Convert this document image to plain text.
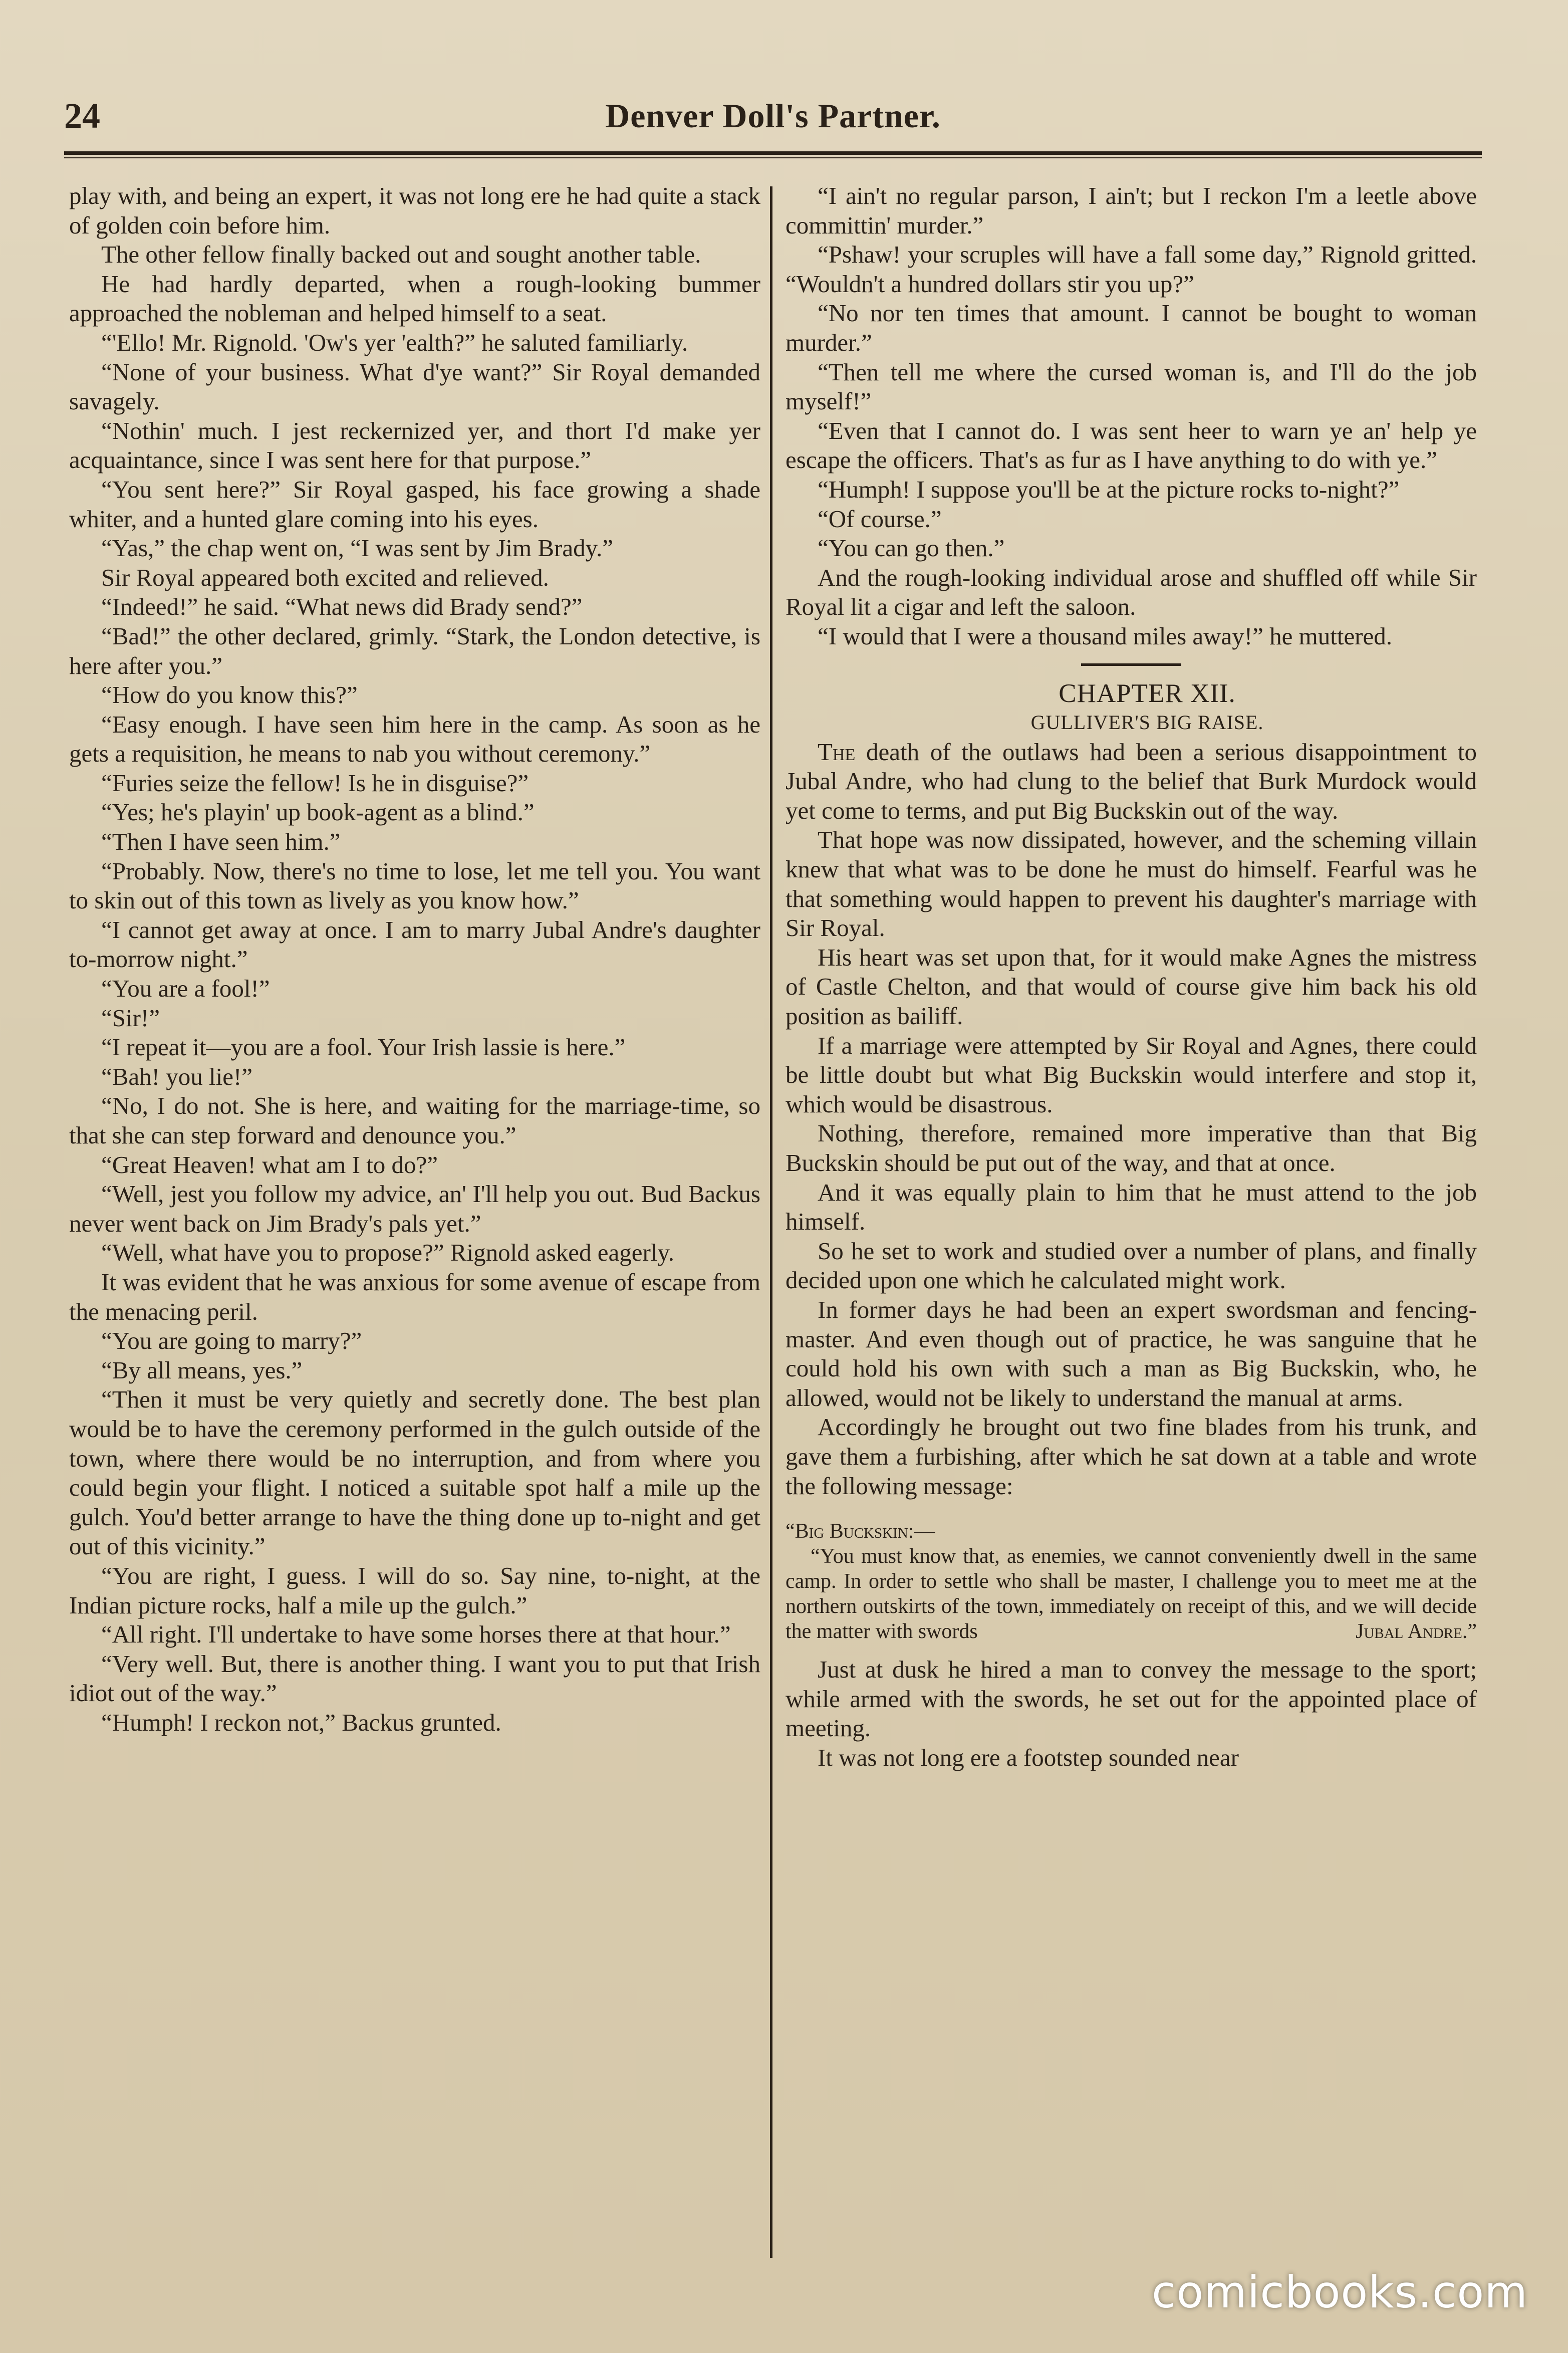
24	Denver Doll's Partner.

play with, and being an expert, it was not long ere he had quite a stack of golden coin before him.

The other fellow finally backed out and sought another table.

He had hardly departed, when a rough-looking bummer approached the nobleman and helped himself to a seat.

“'Ello! Mr. Rignold. 'Ow's yer 'ealth?” he saluted familiarly.

“None of your business. What d'ye want?” Sir Royal demanded savagely.

“Nothin' much. I jest reckernized yer, and thort I'd make yer acquaintance, since I was sent here for that purpose.”

“You sent here?” Sir Royal gasped, his face growing a shade whiter, and a hunted glare coming into his eyes.

“Yas,” the chap went on, “I was sent by Jim Brady.”

Sir Royal appeared both excited and relieved.

“Indeed!” he said. “What news did Brady send?”

“Bad!” the other declared, grimly. “Stark, the London detective, is here after you.”

“How do you know this?”

“Easy enough. I have seen him here in the camp. As soon as he gets a requisition, he means to nab you without ceremony.”

“Furies seize the fellow! Is he in disguise?”

“Yes; he's playin' up book-agent as a blind.”

“Then I have seen him.”

“Probably. Now, there's no time to lose, let me tell you. You want to skin out of this town as lively as you know how.”

“I cannot get away at once. I am to marry Jubal Andre's daughter to-morrow night.”

“You are a fool!”

“Sir!”

“I repeat it—you are a fool. Your Irish lassie is here.”

“Bah! you lie!”

“No, I do not. She is here, and waiting for the marriage-time, so that she can step forward and denounce you.”

“Great Heaven! what am I to do?”

“Well, jest you follow my advice, an' I'll help you out. Bud Backus never went back on Jim Brady's pals yet.”

“Well, what have you to propose?” Rignold asked eagerly.

It was evident that he was anxious for some avenue of escape from the menacing peril.

“You are going to marry?”

“By all means, yes.”

“Then it must be very quietly and secretly done. The best plan would be to have the ceremony performed in the gulch outside of the town, where there would be no interruption, and from where you could begin your flight. I noticed a suitable spot half a mile up the gulch. You'd better arrange to have the thing done up to-night and get out of this vicinity.”

“You are right, I guess. I will do so. Say nine, to-night, at the Indian picture rocks, half a mile up the gulch.”

“All right. I'll undertake to have some horses there at that hour.”

“Very well. But, there is another thing. I want you to put that Irish idiot out of the way.”

“Humph! I reckon not,” Backus grunted.

“I ain't no regular parson, I ain't; but I reckon I'm a leetle above committin' murder.”

“Pshaw! your scruples will have a fall some day,” Rignold gritted. “Wouldn't a hundred dollars stir you up?”

“No nor ten times that amount. I cannot be bought to woman murder.”

“Then tell me where the cursed woman is, and I'll do the job myself!”

“Even that I cannot do. I was sent heer to warn ye an' help ye escape the officers. That's as fur as I have anything to do with ye.”

“Humph! I suppose you'll be at the picture rocks to-night?”

“Of course.”

“You can go then.”

And the rough-looking individual arose and shuffled off while Sir Royal lit a cigar and left the saloon.

“I would that I were a thousand miles away!” he muttered.

CHAPTER XII.

GULLIVER'S BIG RAISE.

The death of the outlaws had been a serious disappointment to Jubal Andre, who had clung to the belief that Burk Murdock would yet come to terms, and put Big Buckskin out of the way.

That hope was now dissipated, however, and the scheming villain knew that what was to be done he must do himself. Fearful was he that something would happen to prevent his daughter's marriage with Sir Royal.

His heart was set upon that, for it would make Agnes the mistress of Castle Chelton, and that would of course give him back his old position as bailiff.

If a marriage were attempted by Sir Royal and Agnes, there could be little doubt but what Big Buckskin would interfere and stop it, which would be disastrous.

Nothing, therefore, remained more imperative than that Big Buckskin should be put out of the way, and that at once.

And it was equally plain to him that he must attend to the job himself.

So he set to work and studied over a number of plans, and finally decided upon one which he calculated might work.

In former days he had been an expert swordsman and fencing-master. And even though out of practice, he was sanguine that he could hold his own with such a man as Big Buckskin, who, he allowed, would not be likely to understand the manual at arms.

Accordingly he brought out two fine blades from his trunk, and gave them a furbishing, after which he sat down at a table and wrote the following message:

“Big Buckskin:—

“You must know that, as enemies, we cannot conveniently dwell in the same camp. In order to settle who shall be master, I challenge you to meet me at the northern outskirts of the town, immediately on receipt of this, and we will decide the matter with swords	Jubal Andre.”

Just at dusk he hired a man to convey the message to the sport; while armed with the swords, he set out for the appointed place of meeting.

It was not long ere a footstep sounded near

comicbooks.com
